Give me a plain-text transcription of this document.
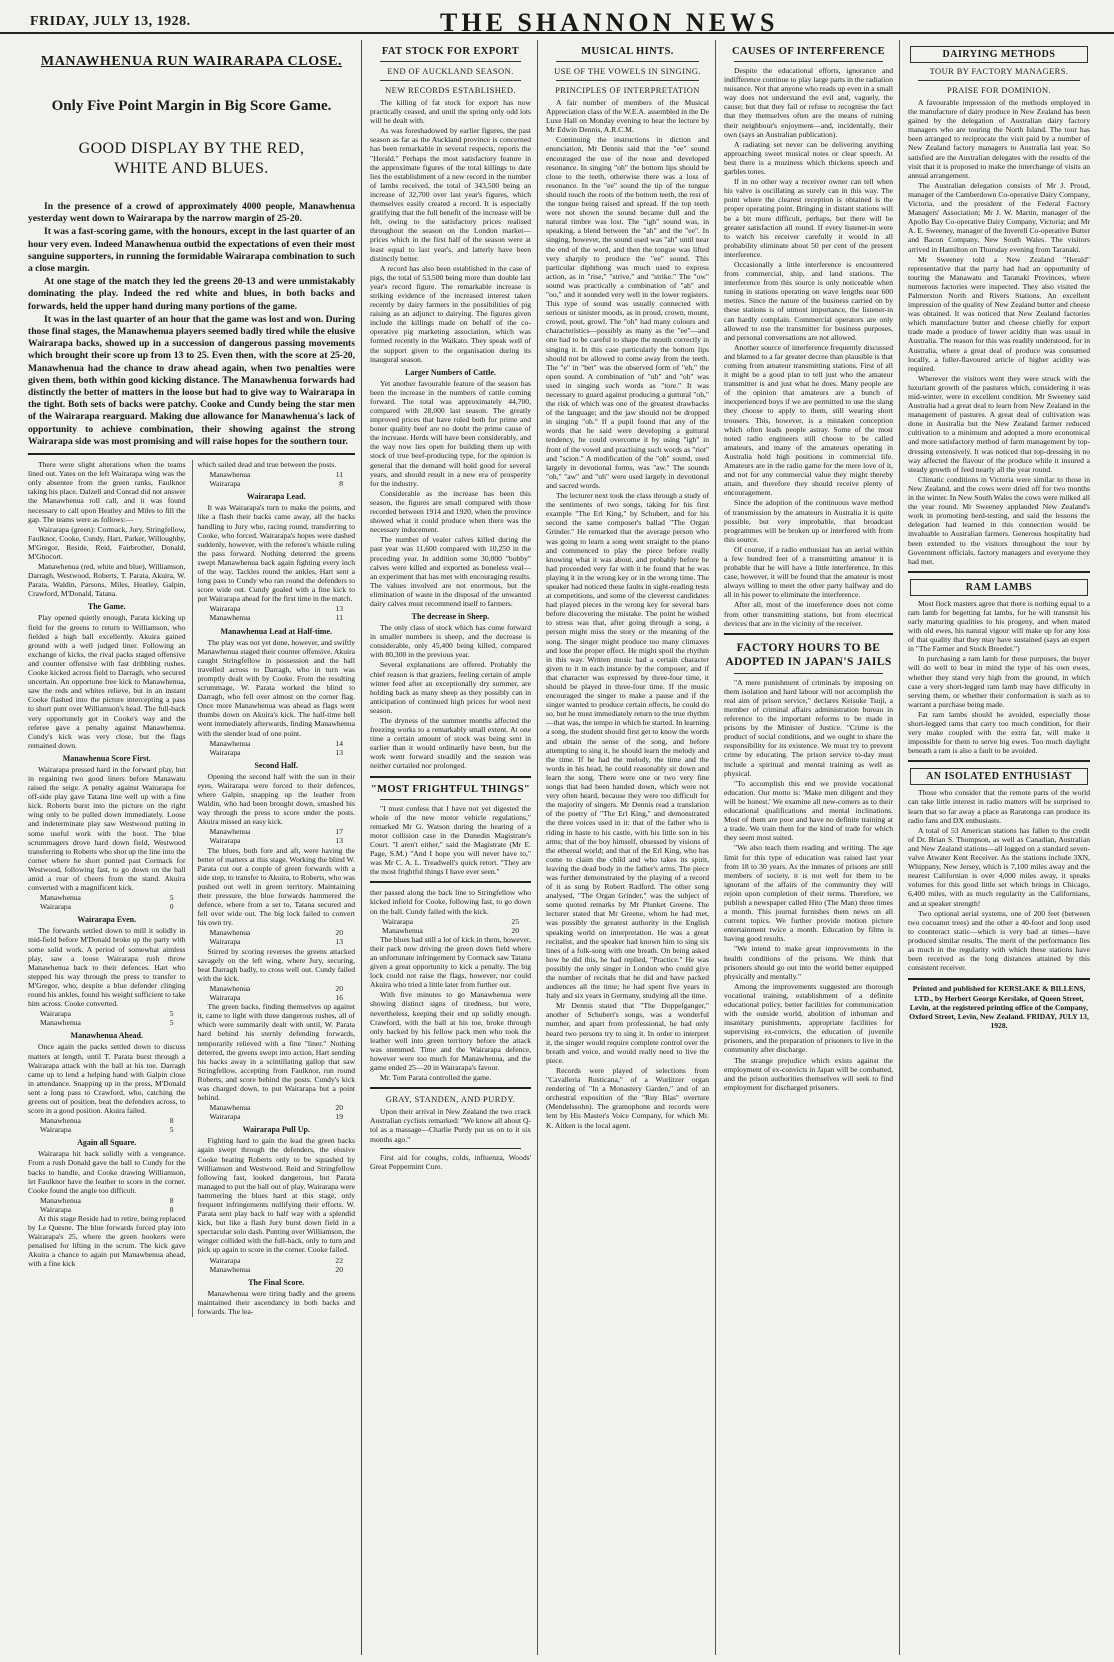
FRIDAY, JULY 13, 1928.	THE SHANNON NEWS
MANAWHENUA RUN WAIRARAPA CLOSE.
Only Five Point Margin in Big Score Game.
GOOD DISPLAY BY THE RED, WHITE AND BLUES.

In the presence of a crowd of approximately 4000 people, Manawhenua yesterday went down to Wairarapa by the narrow margin of 25-20.

It was a fast-scoring game, with the honours, except in the last quarter of an hour very even. Indeed Manawhenua outbid the expectations of even their most sanguine supporters, in running the formidable Wairarapa combination to such a close margin.

At one stage of the match they led the greens 20-13 and were unmistakably dominating the play. Indeed the red white and blues, in both backs and forwards, held the upper hand during many portions of the game.

It was in the last quarter of an hour that the game was lost and won. During those final stages, the Manawhenua players seemed badly tired while the elusive Wairarapa backs, showed up in a succession of dangerous passing movements which brought their score up from 13 to 25. Even then, with the score at 25-20, Manawhenua had the chance to draw ahead again, when two penalties were given them, both within good kicking distance. The Manawhenua forwards had distinctly the better of matters in the loose but had to give way to Wairarapa in the tight. Both sets of backs were patchy. Cooke and Cundy being the star men of the Wairarapa rearguard. Making due allowance for Manawhenua's lack of opportunity to achieve combination, their showing against the strong Wairarapa side was most promising and will raise hopes for the southern tour.

There were slight alterations when the teams lined out. Yates on the left Wairarapa wing was the only absentee from the green ranks, Faulknor taking his place. Dalzell and Conrad did not answer the Manawhenua roll call, and it was found necessary to call upon Heatley and Miles to fill the gap. The teams were as follows:—

Wairarapa (green): Cormack, Jury, Stringfellow, Faulknor, Cooke, Cundy, Hart, Parker, Willoughby, M'Gregor, Reside, Reid, Fairbrother, Donald, M'Ghocort.

Manawhenua (red, white and blue), Williamson, Darragh, Westwood, Roberts, T. Parata, Akuira, W. Parata, Waldin, Parsons, Miles, Heatley, Galpin, Crawford, M'Donald, Tatana.

The Game.

Play opened quietly enough, Parata kicking up field for the greens to return to Williamson, who fielded a high ball excellently. Akuira gained ground with a well judged liner. Following an exchange of kicks, the rival packs staged offensive and counter offensive with fast dribbling rushes. Cooke kicked across field to Darragh, who secured uncertain. An opportune free kick to Manawhenua, saw the reds and whites relieve, but in an instant Cooke flashed into the picture intercepting a pass to short punt over Williamson's head. The full-back very opportunely got in Cooke's way and the referee gave a penalty against Manawhenua. Cundy's kick was very close, but the flags remained down.

Manawhenua Score First.

Wairarapa pressed hard in the forward play, but in regaining two good liners before Manawatu raised the seige. A penalty against Wairarapa for off-side play gave Tatana line well up with a fine kick. Roberts burst into the picture on the right wing only to be pulled down immediately. Loose and indeterminate play saw Westwood putting in some useful work with the boot. The blue scrummagers drove hard down field, Westwood transferring to Roberts who shot up the line into the corner where he short punted past Cormack for Westwood, following fast, to go down on the ball amid a roar of cheers from the stand. Akuira converted with a magnificent kick.

Manawhenua	5
Wairarapa	0
Wairarapa Even.

The forwards settled down to mill it solidly in mid-field before M'Donald broke up the party with some solid work. A period of somewhat aimless play, saw a loose Wairarapa rush throw Manawhenua back to their defences. Hart who stepped his way through the press to transfer to M'Gregor, who, despite a blue defender clinging round his ankles, found his weight sufficient to take him across. Cooke converted.

Wairarapa	5
Manawhenua	5
Manawhenua Ahead.

Once again the packs settled down to discuss matters at length, until T. Parata burst through a Wairarapa attack with the ball at his toe. Darragh came up to lend a helping hand with Galpin close in attendance. Snapping up in the press, M'Donald sent a long pass to Crawford, who, catching the greens out of position, beat the defenders across, to score in a good position. Akuira failed.

Manawhenua	8
Wairarapa	5
Again all Square.

Wairarapa hit back solidly with a vengeance. From a rush Donald gave the ball to Cundy for the backs to handle, and Cooke drawing Williamson, let Faulknor have the leather to score in the corner. Cooke found the angle too difficult.

Manawhenua	8
Wairarapa	8

At this stage Reside had to retire, being replaced by Le Quesne. The blue forwards forced play into Wairarapa's 25, where the green hookers were penalised for lifting in the scrum. The kick gave Akuira a chance to again put Manawhenua ahead, with a fine kick

which sailed dead and true between the posts.

Manawhenua	11
Wairarapa	8
Wairarapa Lead.

It was Wairarapa's turn to make the points, and like a flash their backs came away, all the backs handling to Jury who, racing round, transferring to Cooke, who forced. Wairarapa's hopes were dashed suddenly, however, with the referee's whistle ruling the pass forward. Nothing deterred the greens swept Manawhenua back again fighting every inch of the way. Tackles round the ankles, Hart sent a long pass to Cundy who ran round the defenders to score wide out. Cundy goaled with a fine kick to put Wairarapa ahead for the first time in the match.

Wairarapa	13
Manawhenua	11
Manawhenua Lead at Half-time.

The play was not yet done, however, and swiftly Manawhenua staged their counter offensive. Akuira caught Stringfellow in possession and the ball travelled across to Darragh, who in turn was promptly dealt with by Cooke. From the resulting scrummage, W. Parata worked the blind to Darragh, who fell over almost on the corner flag. Once more Manawhenua was ahead as flags went thumbs down on Akuira's kick. The half-time bell went immediately afterwards, finding Manawhenua with the slender lead of one point.

Manawhenua	14
Wairarapa	13
Second Half.

Opening the second half with the sun in their eyes, Wairarapa were forced to their defences, where Galpin, snapping up the leather from Waldin, who had been brought down, smashed his way through the press to score under the posts. Akuira missed an easy kick.

Manawhenua	17
Wairarapa	13

The blues, both fore and aft, were having the better of matters at this stage. Working the blind W. Parata cut out a couple of green forwards with a side step, to transfer to Akuira, to Roberts, who was pushed out well in green territory. Maintaining their pressure, the blue forwards hammered the defence, where from a set to, Tatana secured and fell over wide out. The big lock failed to convert his own try.

Manawhenua	20
Wairarapa	13

Stirred by scoring reverses the greens attacked savagely on the left wing, where Jury, securing, beat Darragh badly, to cross well out. Cundy failed with the kick.

Manawhenua	20
Wairarapa	16

The green backs, finding themselves up against it, came to light with three dangerous rushes, all of which were summarily dealt with until, W. Parata hard behind his sternly defending forwards, temporarily relieved with a fine "liner." Nothing deterred, the greens swept into action, Hart sending his backs away in a scintillating gallop that saw Stringfellow, accepting from Faulknor, run round Roberts, and score behind the posts. Cundy's kick was charged down, to put Wairarapa but a point behind.

Manawhenua	20
Wairarapa	19
Wairarapa Pull Up.

Fighting hard to gain the lead the green backs again swept through the defenders, the elusive Cooke beating Roberts only to be squashed by Williamson and Westwood. Reid and Stringfellow following fast, looked dangerous, but Parata managed to put the ball out of play. Wairarapa were hammering the blues hard at this stage, only frequent infringements nullifying their efforts. W. Parata sent play back to half way with a splendid kick, but like a flash Jury burst down field in a spectacular solo dash. Punting over Williamson, the winger collided with the full-back, only to turn and pick up again to score in the corner. Cooke failed.

Wairarapa	22
Manawhenua	20
The Final Score.

Manawhenua were tiring badly and the greens maintained their ascendancy in both backs and forwards. The lea-

FAT STOCK FOR EXPORT
END OF AUCKLAND SEASON.
NEW RECORDS ESTABLISHED.

The killing of fat stock for export has now practically ceased, and until the spring only odd lots will be dealt with.

As was foreshadowed by earlier figures, the past season as far as the Auckland province is concerned has been remarkable in several respects, reports the "Herald." Perhaps the most satisfactory feature in the approximate figures of the total killings to date lies the establishment of a new record in the number of lambs received, the total of 343,500 being an increase of 32,700 over last year's figures, which themselves easily created a record. It is especially gratifying that the full benefit of the increase will be felt, owing to the satisfactory prices realised throughout the season on the London market—prices which in the first half of the season were at least equal to last year's, and latterly have been distinctly better.

A record has also been established in the case of pigs, the total of 53,500 being more than double last year's record figure. The remarkable increase is striking evidence of the increased interest taken recently by dairy farmers in the possibilities of pig raising as an adjunct to dairying. The figures given include the killings made on behalf of the co-operative pig marketing association, which was formed recently in the Waikato. They speak well of the support given to the organisation during its inaugural season.

Larger Numbers of Cattle.

Yet another favourable feature of the season has been the increase in the numbers of cattle coming forward. The total was approximately 44,700, compared with 28,000 last season. The greatly improved prices that have ruled both for prime and boner quality beef are no doubt the prime cause of the increase. Herds will have been considerably, and the way now lies open for building them up with stock of true beef-producing type, for the opinion is general that the demand will hold good for several years, and should result in a new era of prosperity for the industry.

Considerable as the increase has been this season, the figures are small compared with those recorded between 1914 and 1920, when the province showed what it could produce when there was the necessary inducement.

The number of vealer calves killed during the past year was 11,600 compared with 10,250 in the preceding year. In addition some 30,000 "bobby" calves were killed and exported as boneless veal—an experiment that has met with encouraging results. The values involved are not enormous, but the elimination of waste in the disposal of the unwanted dairy calves must recommend itself to farmers.

The decrease in Sheep.

The only class of stock which has come forward in smaller numbers is sheep, and the decrease is considerable, only 45,400 being killed, compared with 80,300 in the previous year.

Several explanations are offered. Probably the chief reason is that graziers, feeling certain of ample winter feed after an exceptionally dry summer, are holding back as many sheep as they possibly can in anticipation of continued high prices for wool next season.

The dryness of the summer months affected the freezing works to a remarkably small extent. At one time a certain amount of stock was being sent in earlier than it would ordinarily have been, but the work went forward steadily and the season was neither curtailed nor prolonged.

"MOST FRIGHTFUL THINGS"

"I must confess that I have not yet digested the whole of the new motor vehicle regulations," remarked Mr G. Watson during the hearing of a motor collision case in the Dunedin Magistrate's Court. "I aren't either," said the Magistrate (Mr E. Page, S.M.) "And I hope you will never have to," was Mr C. A. L. Treadwell's quick retort. "They are the most frightful things I have ever seen."

ther passed along the back line to Stringfellow who kicked infield for Cooke, following fast, to go down on the ball. Cundy failed with the kick.

Wairarapa	25
Manawhenua	20

The blues had still a lot of kick in them, however, their pack now driving the green down field where an unfortunate infringement by Cormack saw Tatana given a great opportunity to kick a penalty. The big lock could not raise the flags, however, nor could Akuira who tried a little later from further out.

With five minutes to go Manawhenua were showing distinct signs of tiredness, but were, nevertheless, keeping their end up solidly enough. Crawford, with the ball at his toe, broke through only backed by his fellow pack men who took the leather well into green territory before the attack was stemmed. Time and the Wairarapa defence, however were too much for Manawhenua, and the game ended 25—20 in Wairarapa's favour.

Mr. Tom Parata controlled the game.

GRAY, STANDEN, AND PURDY.

Upon their arrival in New Zealand the two crack Australian cyclists remarked: "We know all about Q-tol as a massage—Charlie Purdy put us on to it six months ago."

First aid for coughs, colds, influenza, Woods' Great Peppermint Cure.

MUSICAL HINTS.
USE OF THE VOWELS IN SINGING.
PRINCIPLES OF INTERPRETATION

A fair number of members of the Musical Appreciation class of the W.E.A. assembled in the De Luxe Hall on Monday evening to hear the lecture by Mr Edwin Dennis, A.R.C.M.

Continuing the instructions in diction and enunciation, Mr Dennis said that the "ee" sound encouraged the use of the nose and developed resonance. In singing "oh" the bottom lips should be close to the teeth, otherwise there was a loss of resonance. In the "ee" sound the tip of the tongue should touch the roots of the bottom teeth, the rest of the tongue being raised and spread. If the top teeth were not shown the sound became dull and the natural timbre was lost. The "igh" sound was, in speaking, a blend between the "ah" and the "ee". In singing, however, the sound used was "ah" until near the end of the word, and then the tongue was lifted very sharply to produce the "ee" sound. This particular diphthong was much used to express action, as in "rise," "strive," and "strike." The "ow" sound was practically a combination of "ah" and "oo," and it sounded very well in the lower registers. This type of sound was usually connected with serious or sinister moods, as in proud, crown, mount, crowd, pout, growl. The "oh" had many colours and characteristics—possibly as many as the "ee"—and one had to be careful to shape the mouth correctly in singing it. In this case particularly the bottom lips should not be allowed to come away from the teeth. The "e" in "bet" was the observed form of "eh," the open sound. A combination of "uh" and "oh" was used in singing such words as "tore." It was necessary to guard against producing a guttural "oh," the risk of which was one of the greatest drawbacks of the language; and the jaw should not be dropped in singing "oh." If a pupil found that any of the words that he said were developing a guttural tendency, he could overcome it by using "igh" in front of the vowel and practising such words as "riot" and "scion." A modification of the "oh" sound, used largely in devotional forms, was "aw." The sounds "oh," "aw" and "uh" were used largely in devotional and sacred words.

The lecturer next took the class through a study of the sentiments of two songs, taking for his first example "The Erl King," by Schubert, and for his second the same composer's ballad "The Organ Grinder." He remarked that the average person who was going to learn a song went straight to the piano and commenced to play the piece before really knowing what it was about, and probably before he had proceeded very far with it he found that he was playing it in the wrong key or in the wrong time. The speaker had noticed these faults in sight-reading tests at competitions, and some of the cleverest candidates had played pieces in the wrong key for several bars before discovering the mistake. The point he wished to stress was that, after going through a song, a person might miss the story or the meaning of the song. The singer might produce too many climaxes and lose the proper effect. He might spoil the rhythm in this way. Written music had a certain character given to it in each instance by the composer, and if that character was expressed by three-four time, it should be played in three-four time. If the music encouraged the singer to make a pause and if the singer wanted to produce certain effects, he could do so, but he must immediately return to the true rhythm—that was, the tempo in which he started. In learning a song, the student should first get to know the words and obtain the sense of the song, and before attempting to sing it, he should learn the melody and the time. If he had the melody, the time and the words in his head, he could reasonably sit down and learn the song. There were one or two very fine songs that had been handed down, which were not very often heard, because they were too difficult for the majority of singers. Mr Dennis read a translation of the poetry of "The Erl King," and demonstrated the three voices used in it: that of the father who is riding in haste to his castle, with his little son in his arms; that of the boy himself, obsessed by visions of the ethereal world; and that of the Erl King, who has come to claim the child and who takes its spirit, leaving the dead body in the father's arms. The piece was further demonstrated by the playing of a record of it as sung by Robert Radford. The other song analysed, "The Organ Grinder," was the subject of some quoted remarks by Mr Plunket Greene. The lecturer stated that Mr Greene, whom he had met, was possibly the greatest authority in the English speaking world on interpretation. He was a great recitalist, and the speaker had known him to sing six lines of a folk-song with one breath. On being asked how he did this, he had replied, "Practice." He was possibly the only singer in London who could give the number of recitals that he did and have packed audiences all the time; he had spent five years in Italy and six years in Germany, studying all the time.

Mr Dennis stated that "The Doppelganger," another of Schubert's songs, was a wonderful number, and apart from professional, he had only heard two persons try to sing it. In order to interpret it, the singer would require complete control over the breath and voice, and would really need to live the piece.

Records were played of selections from "Cavalleria Rusticana," of a Wurlitzer organ rendering of "In a Monastery Garden," and of an orchestral exposition of the "Ruy Blas" overture (Mendelssohn). The gramophone and records were lent by His Master's Voice Company, for which Mr. K. Aitken is the local agent.

CAUSES OF INTERFERENCE

Despite the educational efforts, ignorance and indifference continue to play large parts in the radiation nuisance. Not that anyone who reads up even in a small way does not understand the evil and, vaguely, the cause; but that they fail or refuse to recognise the fact that they themselves often are the means of ruining their neighbour's enjoyment—and, incidentally, their own (says an Australian publication).

A radiating set never can be delivering anything approaching sweet musical notes or clear speech. At best there is a muziness which thickens speech and garbles tones.

If in no other way a receiver owner can tell when his valve is oscillating as surely can in this way. The point where the clearest reception is obtained is the proper operating point. Bringing in distant stations will be a bit more difficult, perhaps, but there will be greater satisfaction all round. If every listener-in were to watch his receiver carefully it would in all probability eliminate about 50 per cent of the present interference.

Occasionally a little interference is encountered from commercial, ship, and land stations. The interference from this source is only noticeable when tuning in stations operating on wave lengths near 600 metres. Since the nature of the business carried on by these stations is of utmost importance, the listener-in can hardly complain. Commercial operators are only allowed to use the transmitter for business purposes, and personal conversations are not allowed.

Another source of interference frequently discussed and blamed to a far greater decree than plausible is that coming from amateur transmitting stations. First of all it might be a good plan to tell just who the amateur transmitter is and just what he does. Many people are of the opinion that amateurs are a bunch of inexperienced boys if we are permitted to use the slang they choose to apply to them, still wearing short trousers. This, however, is a mistaken conception which often leads people astray. Some of the most noted radio engineers still choose to be called amateurs, and many of the amateurs operating in Australia hold high positions in commercial life. Amateurs are in the radio game for the mere love of it, and not for any commercial value they might thereby attain, and therefore they should receive plenty of encouragement.

Since the adoption of the continuous wave method of transmission by the amateurs in Australia it is quite possible, but very improbable, that broadcast programmes will be broken up or interfered with from this source.

Of course, if a radio enthusiast has an aerial within a few hundred feet of a transmitting amateur it is probable that he will have a little interference. In this case, however, it will be found that the amateur is most always willing to meet the other party halfway and do all in his power to eliminate the interference.

After all, most of the interference does not come from other transmitting stations, but from electrical devices that are in the vicinity of the receiver.

FACTORY HOURS TO BE ADOPTED IN JAPAN'S JAILS

"A mere punishment of criminals by imposing on them isolation and hard labour will not accomplish the real aim of prison service," declares Keisuke Tsuji, a member of criminal affairs administration bureau in reference to the important reforms to be made in prisons by the Minister of Justice. "Crime is the product of social conditions, and we ought to share the responsibility for its existence. We must try to prevent crime by educating. The prison service to-day must include a spiritual and mental training as well as physical.

"To accomplish this end we provide vocational education. Our motto is: 'Make men diligent and they will be honest.' We examine all new-comers as to their educational qualifications and mental inclinations. Most of them are poor and have no definite training at a trade. We train them for the kind of trade for which they seem most suited.

"We also teach them reading and writing. The age limit for this type of education was raised last year from 18 to 30 years. As the inmates of prisons are still members of society, it is not well for them to be ignorant of the affairs of the community they will rejoin upon completion of their terms. Therefore, we publish a newspaper called Hito (The Man) three times a month. This journal furnishes them news on all current topics. We further provide motion picture entertainment twice a month. Education by films is having good results.

"We intend to make great improvements in the health conditions of the prisons. We think that prisoners should go out into the world better equipped physically and mentally."

Among the improvements suggested are thorough vocational training, establishment of a definite educational policy, better facilities for communication with the outside world, abolition of inhuman and insanitary punishments, appropriate facilities for supervising ex-convicts, the education of juvenile prisoners, and the preparation of prisoners to live in the community after discharge.

The strange prejudice which exists against the employment of ex-convicts in Japan will be combatted, and the prison authorities themselves will seek to find employment for discharged prisoners.

DAIRYING METHODS
TOUR BY FACTORY MANAGERS.
PRAISE FOR DOMINION.

A favourable impression of the methods employed in the manufacture of dairy produce in New Zealand has been gained by the delegation of Australian dairy factory managers who are touring the North Island. The tour has been arranged to reciprocate the visit paid by a number of New Zealand factory managers to Australia last year. So satisfied are the Australian delegates with the results of the visit that it is proposed to make the interchange of visits an annual arrangement.

The Australian delegation consists of Mr J. Proud, manager of the Camberdown Co-operative Dairy Company, Victoria, and the president of the Federal Factory Managers' Association; Mr J. W. Martin, manager of the Apollo Bay Co-operative Dairy Company, Victoria; and Mr A. E. Sweeney, manager of the Inverell Co-operative Butter and Bacon Company, New South Wales. The visitors arrived in Hamilton on Thursday evening from Taranaki.

Mr Sweeney told a New Zealand "Herald" representative that the party had had an opportunity of touring the Manawatu and Taranaki Provinces, where numerous factories were inspected. They also visited the Palmerston North and Rivers Stations. An excellent impression of the quality of New Zealand butter and cheese was obtained. It was noticed that New Zealand factories which manufacture butter and cheese chiefly for export trade made a produce of lower acidity than was usual in Australia. The reason for this was readily understood, for in Australia, where a great deal of produce was consumed locally, a fuller-flavoured article of higher acidity was required.

Wherever the visitors went they were struck with the luxuriant growth of the pastures which, considering it was mid-winter, were in excellent condition. Mr Sweeney said Australia had a great deal to learn from New Zealand in the management of pastures. A great deal of cultivation was done in Australia but the New Zealand farmer reduced cultivation to a minimum and adopted a more economical and more satisfactory method of farm management by top-dressing extensively. It was noticed that top-dressing in no way affected the flavour of the produce while it insured a steady growth of feed nearly all the year round.

Climatic conditions in Victoria were similar to those in New Zealand, and the cows were dried off for two months in the winter. In New South Wales the cows were milked all the year round. Mr Sweeney applauded New Zealand's work in promoting herd-testing, and said the lessons the delegation had learned in this connection would be invaluable to Australian farmers. Generous hospitality had been extended to the visitors throughout the tour by Government officials, factory managers and everyone they had met.

RAM LAMBS

Most flock masters agree that there is nothing equal to a ram lamb for begetting fat lambs, for he will transmit his early maturing qualities to his progeny, and when mated with old ewes, his natural vigour will make up for any loss of that quality that they may have sustained (says an expert in "The Farmer and Stock Breeder.")

In purchasing a ram lamb for these purposes, the buyer will do well to bear in mind the type of his own ewes, whether they stand very high from the ground, in which case a very short-legged ram lamb may have difficulty in serving them, or whether their conformation is such as to warrant a purchase being made.

Fat ram lambs should be avoided, especially those short-legged rams that carry too much condition, for their very make coupled with the extra fat, will make it impossible for them to serve big ewes. Too much daylight beneath a ram is also a fault to be avoided.

AN ISOLATED ENTHUSIAST

Those who consider that the remote parts of the world can take little interest in radio matters will be surprised to learn that so far away a place as Raratonga can produce its radio fans and DX enthusiasts.

A total of 53 American stations has fallen to the credit of Dr. Brian S. Thompson, as well as Canadian, Australian and New Zealand stations—all logged on a standard seven-valve Atwater Kent Receiver. As the stations include 3XN, Whippany, New Jersey, which is 7,100 miles away and the nearest Californian is over 4,000 miles away, it speaks volumes for this good little set which brings in Chicago, 6,400 miles, with as much regularity as the Californians, and at speaker strength!

Two optional aerial systems, one of 200 feet (between two cocoanut trees) and the other a 40-foot and loop used to counteract static—which is very bad at times—have produced similar results. The merit of the performance lies as much in the regularity with which these stations have been received as the long distances attained by this consistent receiver.

Printed and published for KERSLAKE & BILLENS, LTD., by Herbert George Kerslake, of Queen Street, Levin, at the registered printing office of the Company, Oxford Street, Levin, New Zealand. FRIDAY, JULY 13, 1928.
